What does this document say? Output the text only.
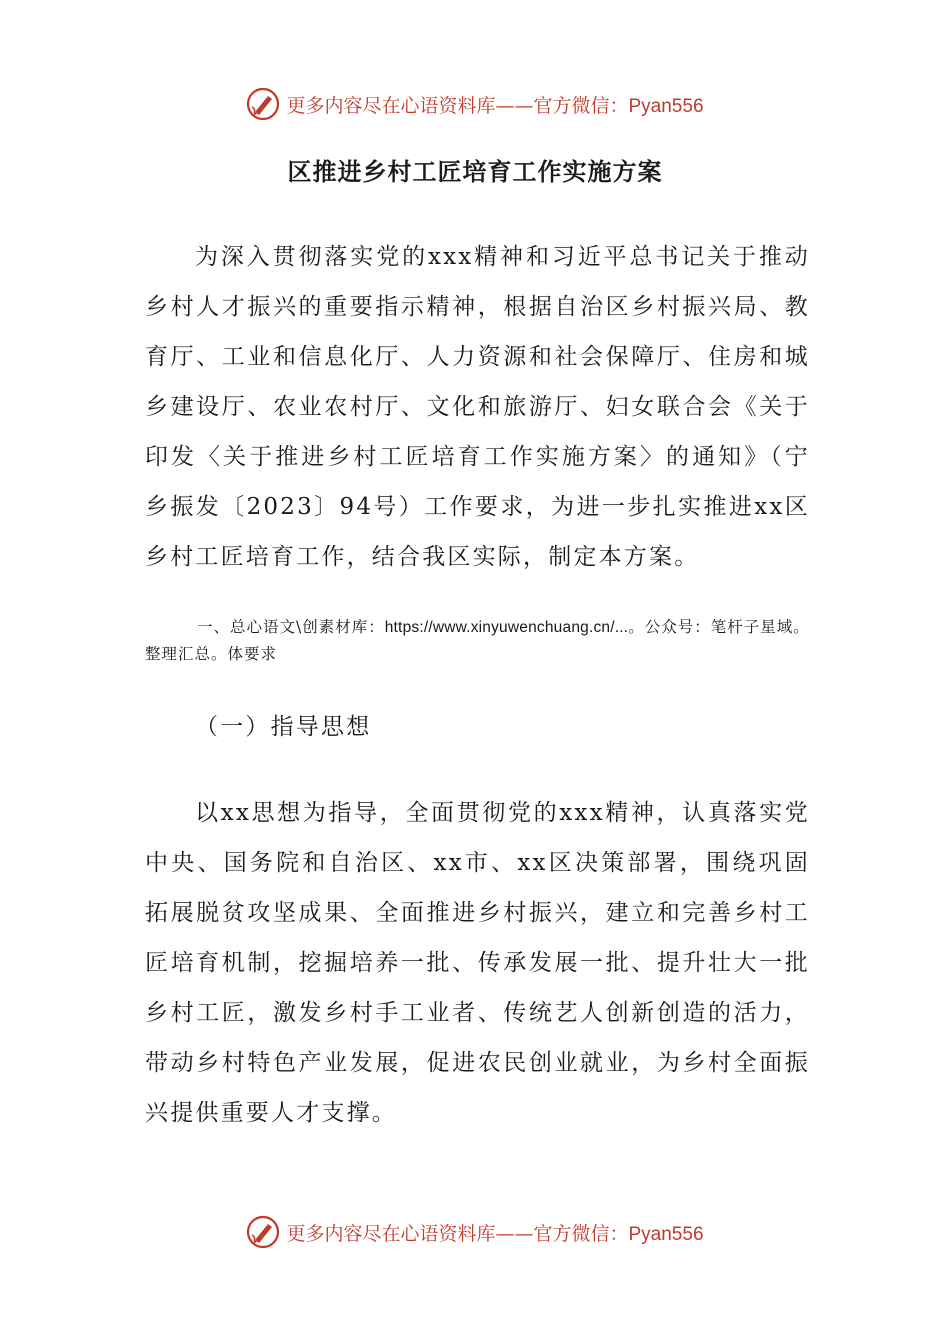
更多内容尽在心语资料库——官方微信：Pyan556
区推进乡村工匠培育工作实施方案

为深入贯彻落实党的xxx精神和习近平总书记关于推动乡村人才振兴的重要指示精神，根据自治区乡村振兴局、教育厅、工业和信息化厅、人力资源和社会保障厅、住房和城乡建设厅、农业农村厅、文化和旅游厅、妇女联合会《关于印发〈关于推进乡村工匠培育工作实施方案〉的通知》（宁乡振发〔2023〕94号）工作要求，为进一步扎实推进xx区乡村工匠培育工作，结合我区实际，制定本方案。

一、总心语文\创素材库：https://www.xinyuwenchuang.cn/...。公众号：笔杆子星域。整理汇总。体要求

（一）指导思想

以xx思想为指导，全面贯彻党的xxx精神，认真落实党中央、国务院和自治区、xx市、xx区决策部署，围绕巩固拓展脱贫攻坚成果、全面推进乡村振兴，建立和完善乡村工匠培育机制，挖掘培养一批、传承发展一批、提升壮大一批乡村工匠，激发乡村手工业者、传统艺人创新创造的活力，带动乡村特色产业发展，促进农民创业就业，为乡村全面振兴提供重要人才支撑。

更多内容尽在心语资料库——官方微信：Pyan556
